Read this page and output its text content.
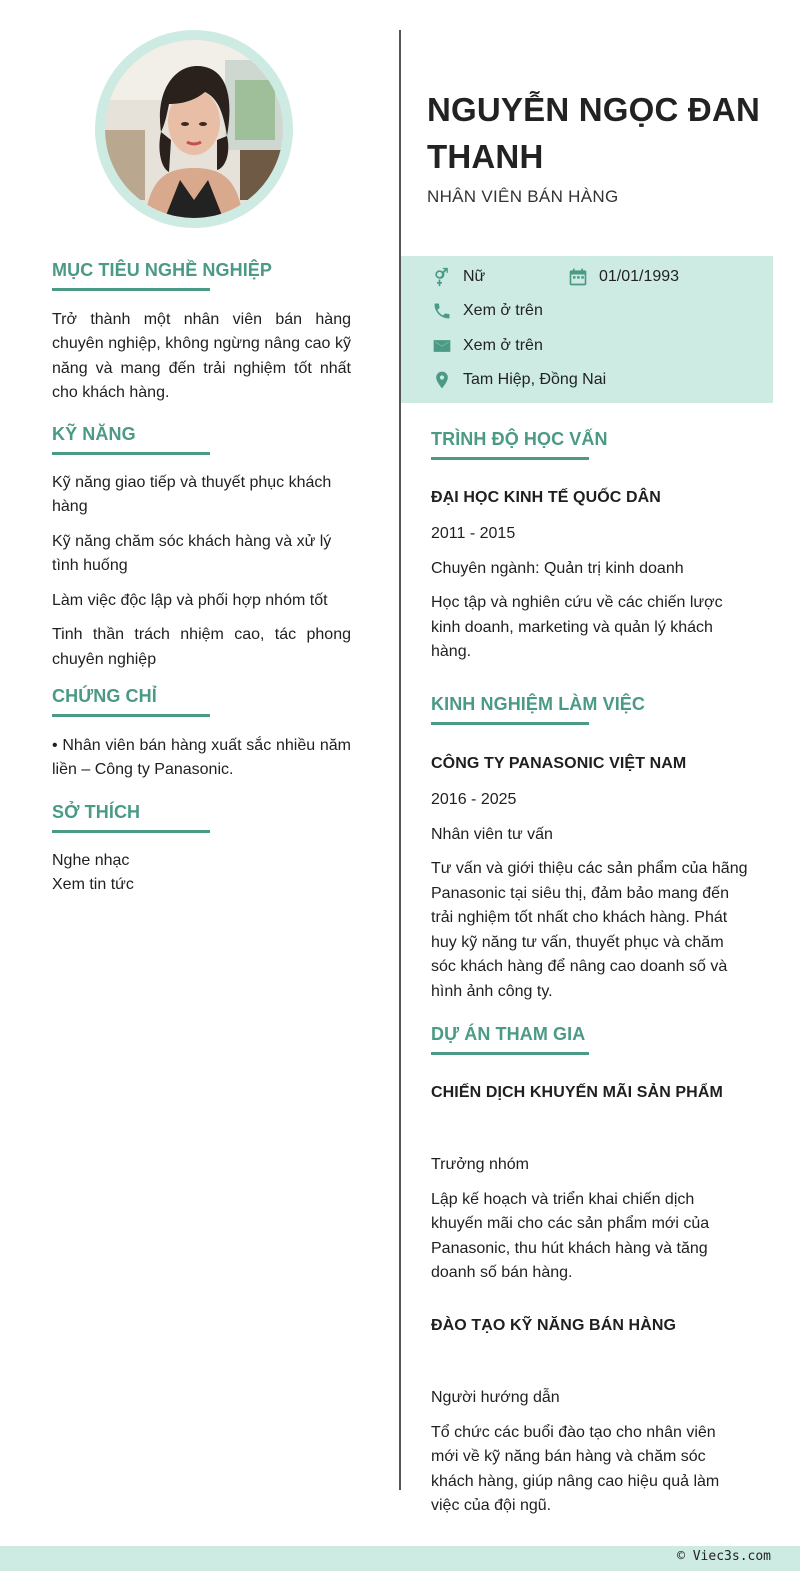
MỤC TIÊU NGHỀ NGHIỆP

Trở thành một nhân viên bán hàng chuyên nghiệp, không ngừng nâng cao kỹ năng và mang đến trải nghiệm tốt nhất cho khách hàng.

KỸ NĂNG

Kỹ năng giao tiếp và thuyết phục khách hàng

Kỹ năng chăm sóc khách hàng và xử lý tình huống

Làm việc độc lập và phối hợp nhóm tốt

Tinh thần trách nhiệm cao, tác phong chuyên nghiệp

CHỨNG CHỈ

• Nhân viên bán hàng xuất sắc nhiều năm liền – Công ty Panasonic.

SỞ THÍCH

Nghe nhạc

Xem tin tức

NGUYỄN NGỌC ĐAN THANH
NHÂN VIÊN BÁN HÀNG
Nữ	01/01/1993
Xem ở trên
Xem ở trên
Tam Hiệp, Đồng Nai
TRÌNH ĐỘ HỌC VẤN

ĐẠI HỌC KINH TẾ QUỐC DÂN

2011 - 2015

Chuyên ngành: Quản trị kinh doanh

Học tập và nghiên cứu về các chiến lược kinh doanh, marketing và quản lý khách hàng.

KINH NGHIỆM LÀM VIỆC

CÔNG TY PANASONIC VIỆT NAM

2016 - 2025

Nhân viên tư vấn

Tư vấn và giới thiệu các sản phẩm của hãng Panasonic tại siêu thị, đảm bảo mang đến trải nghiệm tốt nhất cho khách hàng. Phát huy kỹ năng tư vấn, thuyết phục và chăm sóc khách hàng để nâng cao doanh số và hình ảnh công ty.

DỰ ÁN THAM GIA

CHIẾN DỊCH KHUYẾN MÃI SẢN PHẨM

Trưởng nhóm

Lập kế hoạch và triển khai chiến dịch khuyến mãi cho các sản phẩm mới của Panasonic, thu hút khách hàng và tăng doanh số bán hàng.

ĐÀO TẠO KỸ NĂNG BÁN HÀNG

Người hướng dẫn

Tổ chức các buổi đào tạo cho nhân viên mới về kỹ năng bán hàng và chăm sóc khách hàng, giúp nâng cao hiệu quả làm việc của đội ngũ.

© Viec3s.com
